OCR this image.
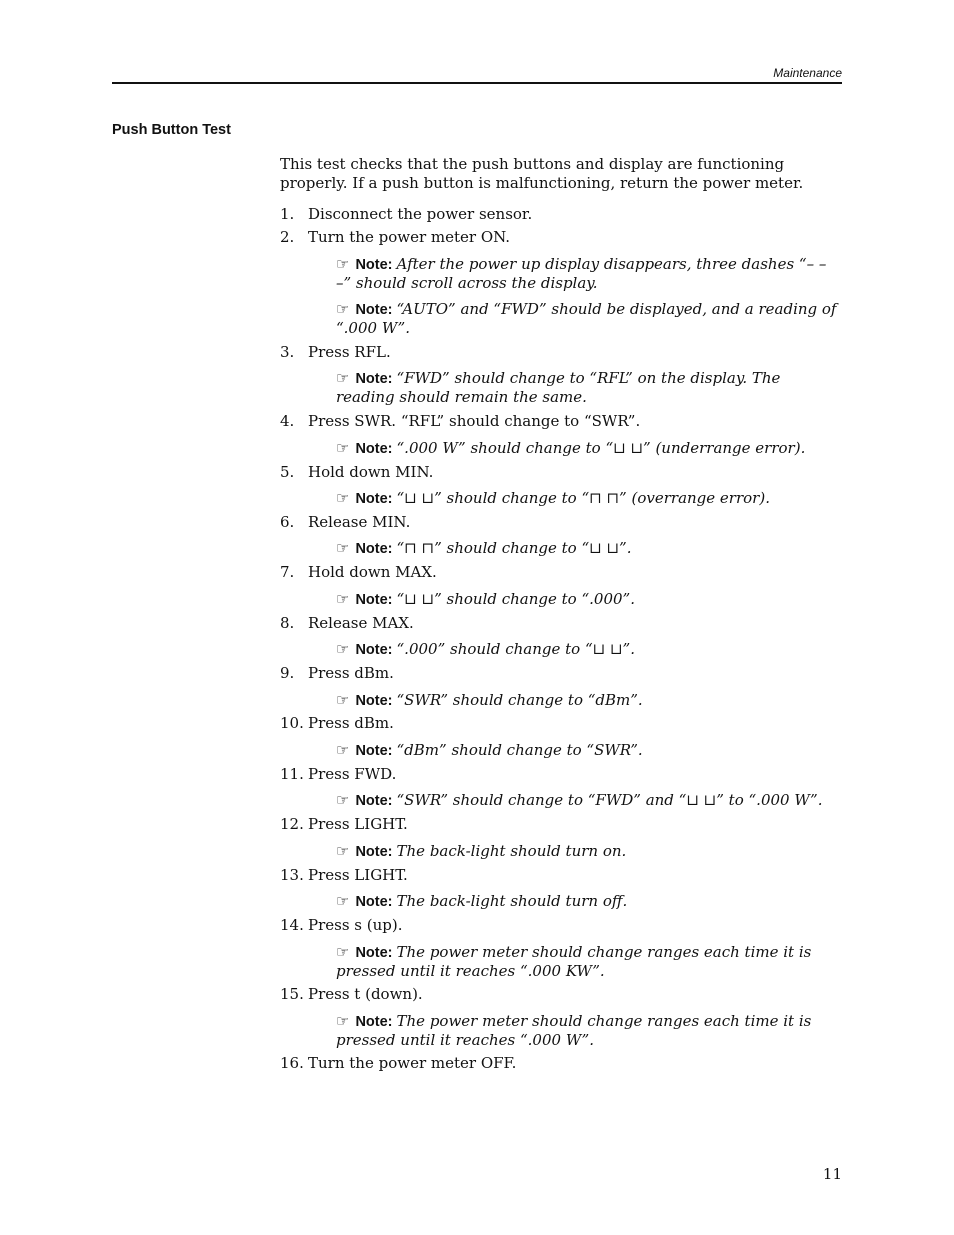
Maintenance
Push Button Test

This test checks that the push buttons and display are functioning properly. If a push button is malfunctioning, return the power meter.

1. Disconnect the power sensor.
2. Turn the power meter ON.
☞ Note: After the power up display disappears, three dashes “– – –” should scroll across the display.
☞ Note: “AUTO” and “FWD” should be displayed, and a reading of “.000 W”.
3. Press RFL.
☞ Note: “FWD” should change to “RFL” on the display. The reading should remain the same.
4. Press SWR. “RFL” should change to “SWR”.
☞ Note: “.000 W” should change to “⊔ ⊔” (underrange error).
5. Hold down MIN.
☞ Note: “⊔ ⊔” should change to “⊓ ⊓” (overrange error).
6. Release MIN.
☞ Note: “⊓ ⊓” should change to “⊔ ⊔”.
7. Hold down MAX.
☞ Note: “⊔ ⊔” should change to “.000”.
8. Release MAX.
☞ Note: “.000” should change to “⊔ ⊔”.
9. Press dBm.
☞ Note: “SWR” should change to “dBm”.
10. Press dBm.
☞ Note: “dBm” should change to “SWR”.
11. Press FWD.
☞ Note: “SWR” should change to “FWD” and “⊔ ⊔” to “.000 W”.
12. Press LIGHT.
☞ Note: The back-light should turn on.
13. Press LIGHT.
☞ Note: The back-light should turn off.
14. Press s (up).
☞ Note: The power meter should change ranges each time it is pressed until it reaches “.000 KW”.
15. Press t (down).
☞ Note: The power meter should change ranges each time it is pressed until it reaches “.000 W”.
16. Turn the power meter OFF.
11
